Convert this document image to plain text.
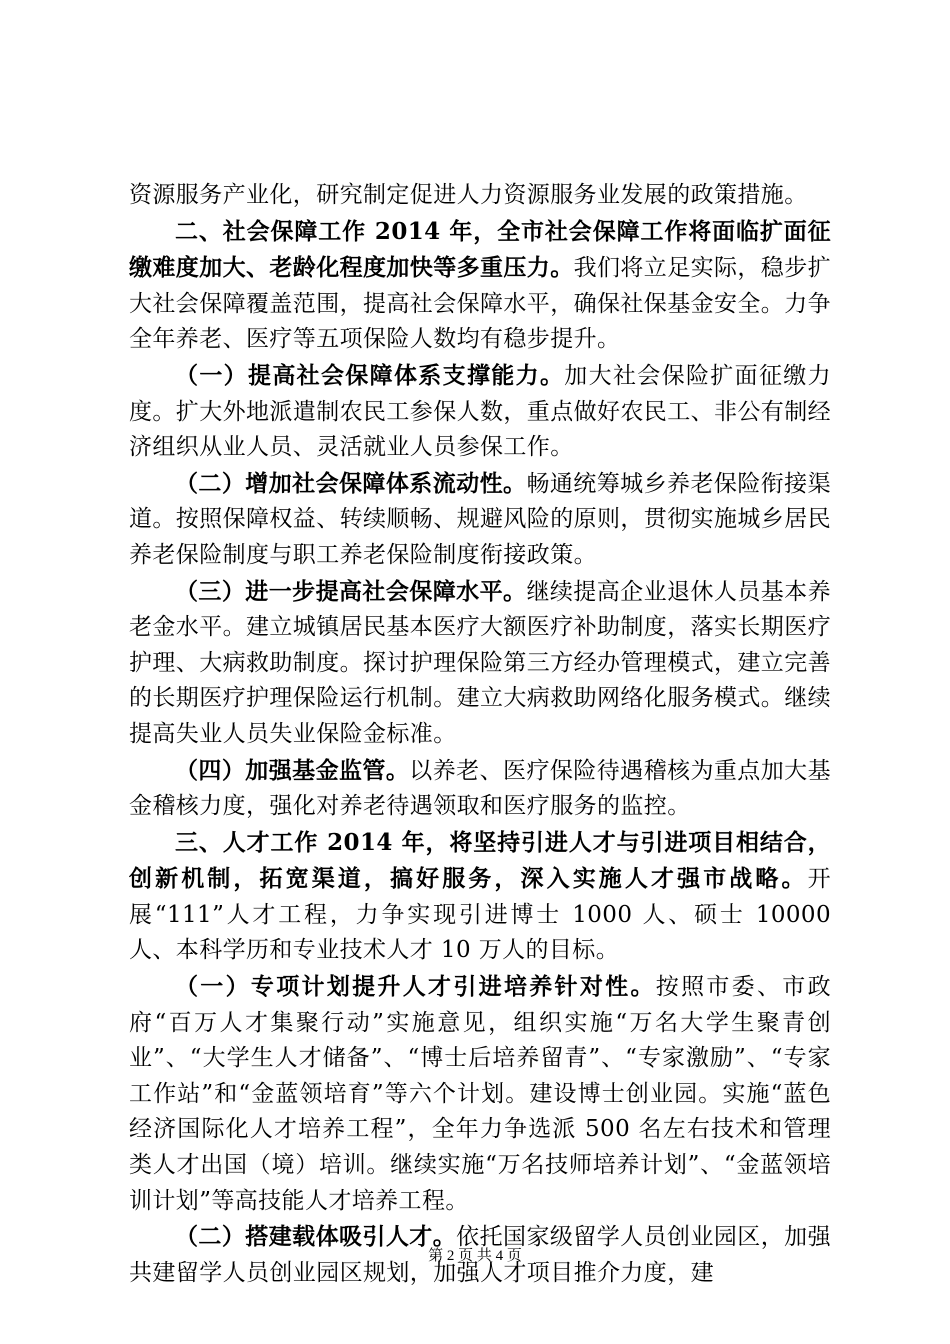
资源服务产业化，研究制定促进人力资源服务业发展的政策措施。

二、社会保障工作 2014 年，全市社会保障工作将面临扩面征缴难度加大、老龄化程度加快等多重压力。我们将立足实际，稳步扩大社会保障覆盖范围，提高社会保障水平，确保社保基金安全。力争全年养老、医疗等五项保险人数均有稳步提升。

（一）提高社会保障体系支撑能力。加大社会保险扩面征缴力度。扩大外地派遣制农民工参保人数，重点做好农民工、非公有制经济组织从业人员、灵活就业人员参保工作。

（二）增加社会保障体系流动性。畅通统筹城乡养老保险衔接渠道。按照保障权益、转续顺畅、规避风险的原则，贯彻实施城乡居民养老保险制度与职工养老保险制度衔接政策。

（三）进一步提高社会保障水平。继续提高企业退休人员基本养老金水平。建立城镇居民基本医疗大额医疗补助制度，落实长期医疗护理、大病救助制度。探讨护理保险第三方经办管理模式，建立完善的长期医疗护理保险运行机制。建立大病救助网络化服务模式。继续提高失业人员失业保险金标准。

（四）加强基金监管。以养老、医疗保险待遇稽核为重点加大基金稽核力度，强化对养老待遇领取和医疗服务的监控。

三、人才工作 2014 年，将坚持引进人才与引进项目相结合，创新机制，拓宽渠道，搞好服务，深入实施人才强市战略。开展“111”人才工程，力争实现引进博士 1000 人、硕士 10000 人、本科学历和专业技术人才 10 万人的目标。

（一）专项计划提升人才引进培养针对性。按照市委、市政府“百万人才集聚行动”实施意见，组织实施“万名大学生聚青创业”、“大学生人才储备”、“博士后培养留青”、“专家激励”、“专家工作站”和“金蓝领培育”等六个计划。建设博士创业园。实施“蓝色经济国际化人才培养工程”，全年力争选派 500 名左右技术和管理类人才出国（境）培训。继续实施“万名技师培养计划”、“金蓝领培训计划”等高技能人才培养工程。

（二）搭建载体吸引人才。依托国家级留学人员创业园区，加强共建留学人员创业园区规划，加强人才项目推介力度，建

第 2 页 共 4 页
